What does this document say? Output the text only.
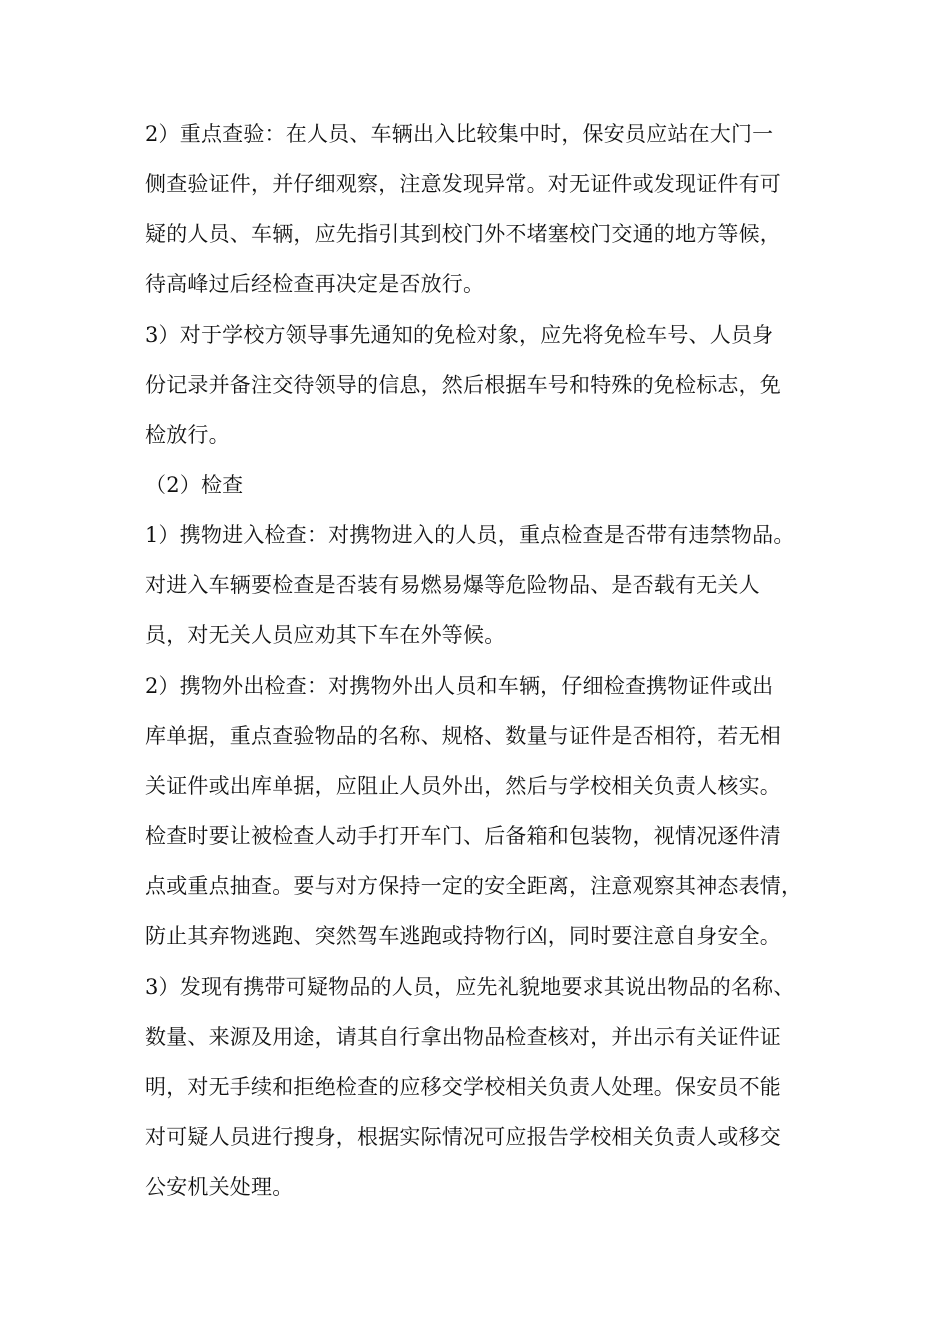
2）重点查验：在人员、车辆出入比较集中时，保安员应站在大门一
侧查验证件，并仔细观察，注意发现异常。对无证件或发现证件有可
疑的人员、车辆，应先指引其到校门外不堵塞校门交通的地方等候，
待高峰过后经检查再决定是否放行。
3）对于学校方领导事先通知的免检对象，应先将免检车号、人员身
份记录并备注交待领导的信息，然后根据车号和特殊的免检标志，免
检放行。
（2）检查
1）携物进入检查：对携物进入的人员，重点检查是否带有违禁物品。
对进入车辆要检查是否装有易燃易爆等危险物品、是否载有无关人
员，对无关人员应劝其下车在外等候。
2）携物外出检查：对携物外出人员和车辆，仔细检查携物证件或出
库单据，重点查验物品的名称、规格、数量与证件是否相符，若无相
关证件或出库单据，应阻止人员外出，然后与学校相关负责人核实。
检查时要让被检查人动手打开车门、后备箱和包装物，视情况逐件清
点或重点抽查。要与对方保持一定的安全距离，注意观察其神态表情，
防止其弃物逃跑、突然驾车逃跑或持物行凶，同时要注意自身安全。
3）发现有携带可疑物品的人员，应先礼貌地要求其说出物品的名称、
数量、来源及用途，请其自行拿出物品检查核对，并出示有关证件证
明，对无手续和拒绝检查的应移交学校相关负责人处理。保安员不能
对可疑人员进行搜身，根据实际情况可应报告学校相关负责人或移交
公安机关处理。
